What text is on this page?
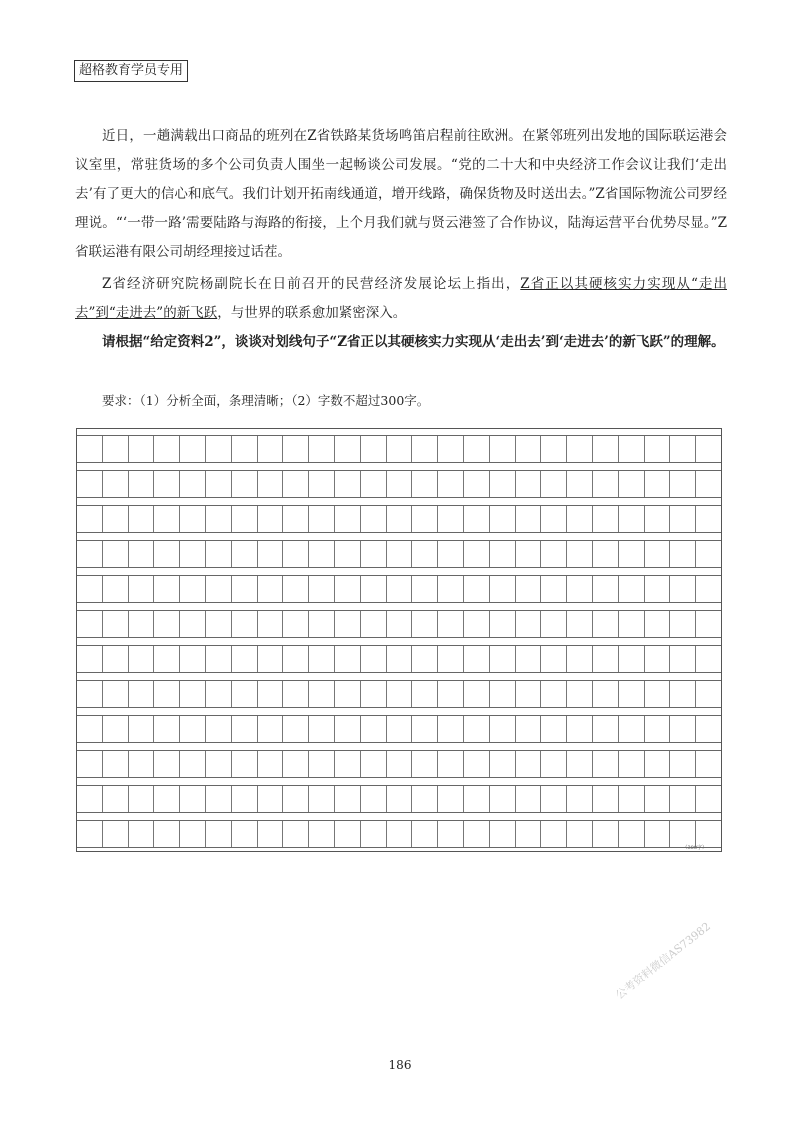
超格教育学员专用

近日，一趟满载出口商品的班列在Z省铁路某货场鸣笛启程前往欧洲。在紧邻班列出发地的国际联运港会议室里，常驻货场的多个公司负责人围坐一起畅谈公司发展。“党的二十大和中央经济工作会议让我们‘走出去’有了更大的信心和底气。我们计划开拓南线通道，增开线路，确保货物及时送出去。”Z省国际物流公司罗经理说。“‘一带一路’需要陆路与海路的衔接，上个月我们就与贤云港签了合作协议，陆海运营平台优势尽显。”Z省联运港有限公司胡经理接过话茬。

Z省经济研究院杨副院长在日前召开的民营经济发展论坛上指出，Z省正以其硬核实力实现从“走出去”到“走进去”的新飞跃，与世界的联系愈加紧密深入。

请根据“给定资料2”，谈谈对划线句子“Z省正以其硬核实力实现从‘走出去’到‘走进去’的新飞跃”的理解。

要求：（1）分析全面，条理清晰；（2）字数不超过300字。

（300字）
186
公考资料微信AS73982
